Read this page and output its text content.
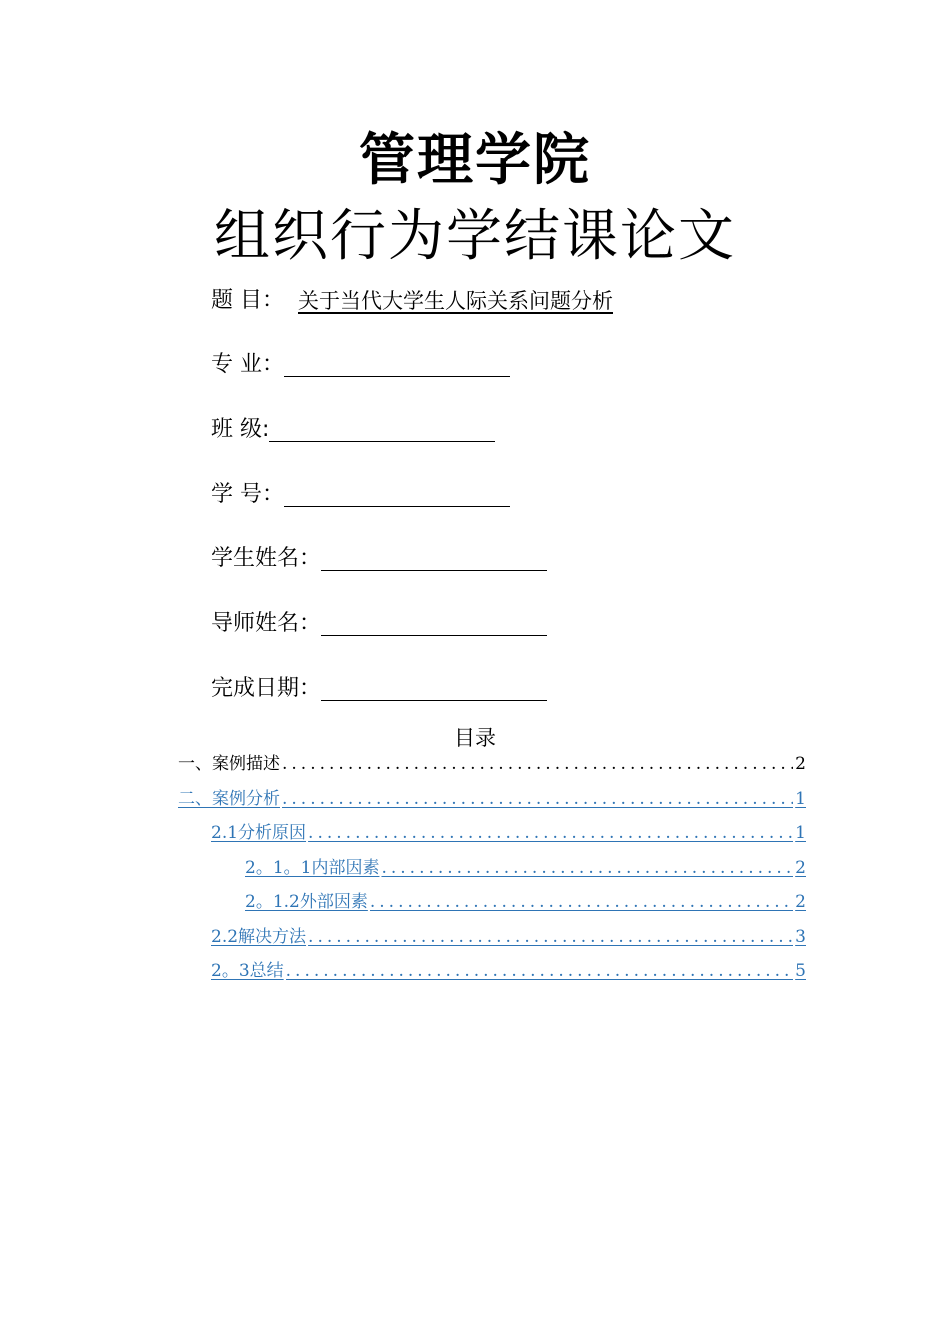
管理学院
组织行为学结课论文
题 目： 关于当代大学生人际关系问题分析
专 业：
班 级:
学 号：
学生姓名：
导师姓名：
完成日期：
目录
一、案例描述 .....	2
二、案例分析 .....	1
2.1分析原因 .....	1
2。1。1内部因素 .....	2
2。1.2外部因素 .....	2
2.2解决方法 .....	3
2。3总结 .....	5
